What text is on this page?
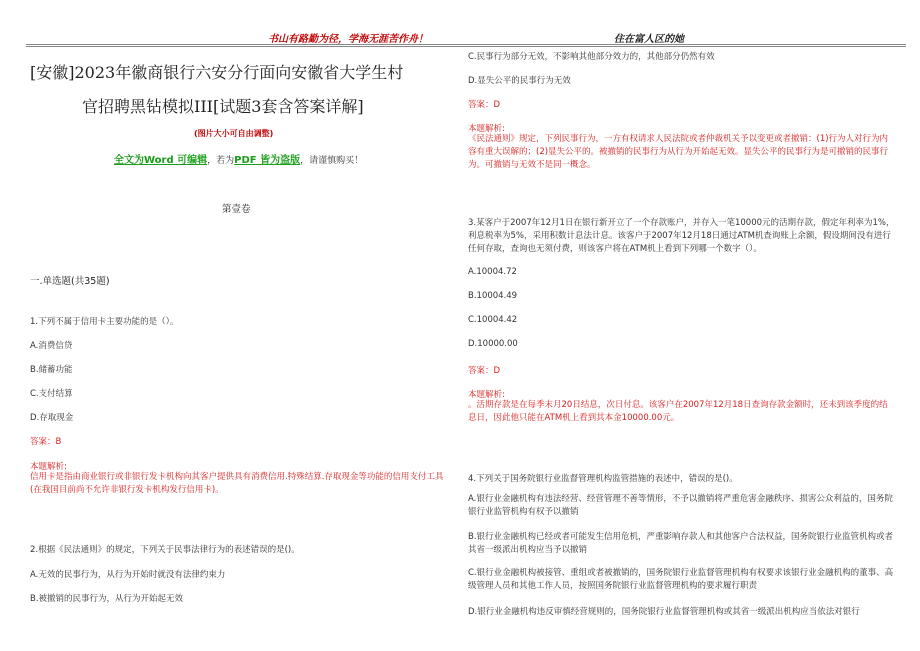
书山有路勤为径，学海无涯苦作舟！	住在富人区的她
[安徽]2023年徽商银行六安分行面向安徽省大学生村
官招聘黑钻模拟III[试题3套含答案详解]
(图片大小可自由调整)
全文为Word 可编辑，若为PDF 皆为盗版，请谨慎购买！
第壹卷
一.单选题(共35题)
1.下列不属于信用卡主要功能的是（）。
A.消费信贷
B.储蓄功能
C.支付结算
D.存取现金
答案：B
本题解析:
信用卡是指由商业银行或非银行发卡机构向其客户提供具有消费信用.特殊结算.存取现金等功能的信用支付工具(在我国目前尚不允许非银行发卡机构发行信用卡)。
2.根据《民法通则》的规定，下列关于民事法律行为的表述错误的是()。
A.无效的民事行为，从行为开始时就没有法律约束力
B.被撤销的民事行为，从行为开始起无效
C.民事行为部分无效，不影响其他部分效力的，其他部分仍然有效
D.显失公平的民事行为无效
答案：D
本题解析:
《民法通则》规定，下列民事行为，一方有权请求人民法院或者仲裁机关予以变更或者撤销：(1)行为人对行为内容有重大误解的；(2)显失公平的。被撤销的民事行为从行为开始起无效。显失公平的民事行为是可撤销的民事行为。可撤销与无效不是同一概念。
3.某客户于2007年12月1日在银行新开立了一个存款账户，并存入一笔10000元的活期存款，假定年利率为1%，利息税率为5%，采用积数计息法计息。该客户于2007年12月18日通过ATM机查询账上余额，假设期间没有进行任何存取，查询也无须付费，则该客户将在ATM机上看到下列哪一个数字（）。
A.10004.72
B.10004.49
C.10004.42
D.10000.00
答案：D
本题解析:
。活期存款是在每季末月20日结息，次日付息。该客户在2007年12月18日查询存款金额时，还未到该季度的结息日，因此他只能在ATM机上看到其本金10000.00元。
4.下列关于国务院银行业监督管理机构监管措施的表述中，错误的是()。
A.银行业金融机构有违法经营、经营管理不善等情形，不予以撤销将严重危害金融秩序、损害公众利益的，国务院银行业监管机构有权予以撤销
B.银行业金融机构已经或者可能发生信用危机，严重影响存款人和其他客户合法权益，国务院银行业监管机构或者其省一级派出机构应当予以撤销
C.银行业金融机构被接管、重组或者被撤销的，国务院银行业监督管理机构有权要求该银行业金融机构的董事、高级管理人员和其他工作人员，按照国务院银行业监督管理机构的要求履行职责
D.银行业金融机构违反审慎经营规则的，国务院银行业监督管理机构或其省一级派出机构应当依法对银行
